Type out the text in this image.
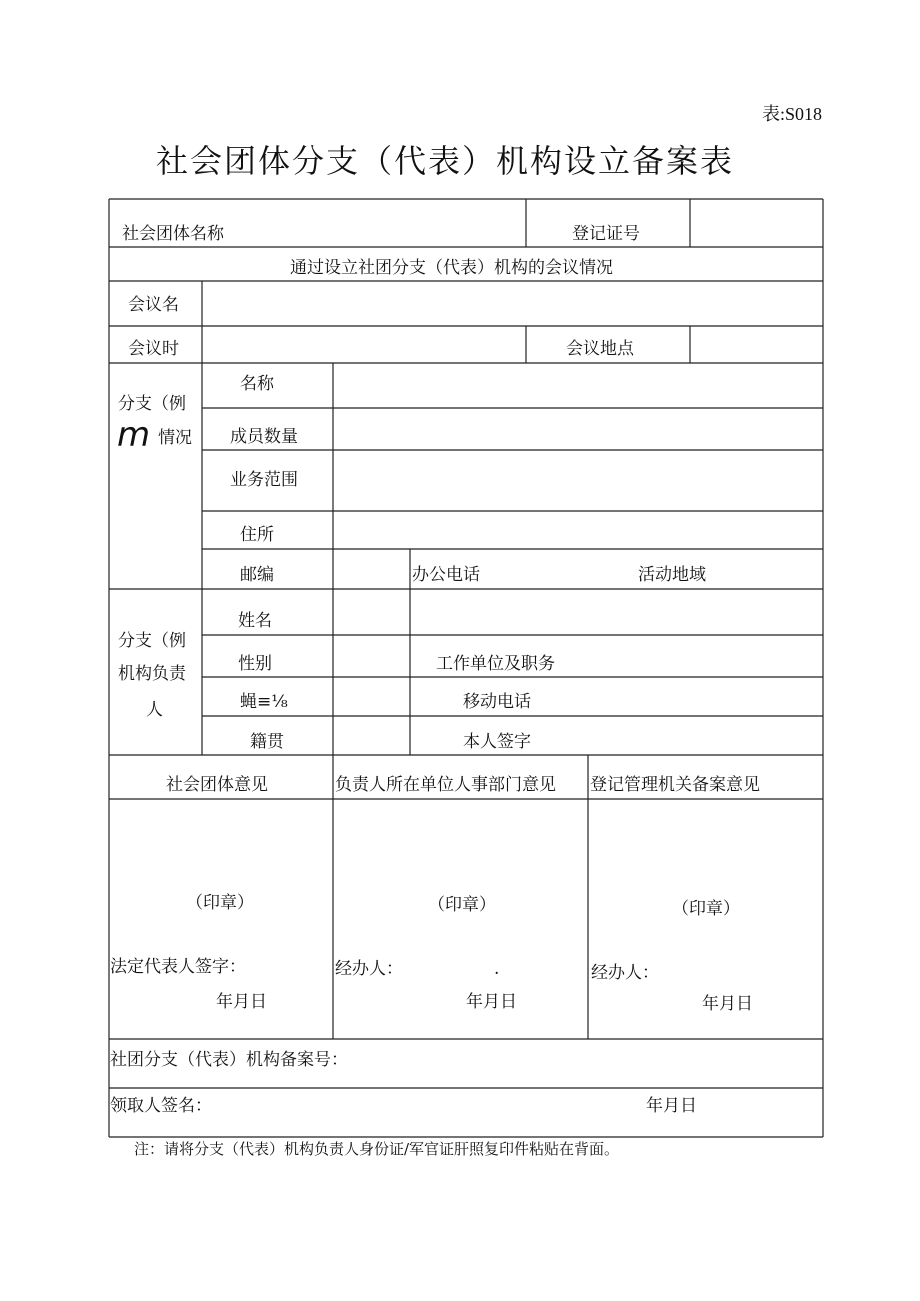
表:S018
社会团体分支（代表）机构设立备案表
社会团体名称	登记证号
通过设立社团分支（代表）机构的会议情况
会议名
会议时	会议地点
分支（例
m 情况
名称
成员数量
业务范围
住所
邮编	办公电话	活动地域
分支（例
机构负责
人
姓名
性别	工作单位及职务
蝇≡⅛	移动电话
籍贯	本人签字
社会团体意见	负责人所在单位人事部门意见 登记管理机关备案意见
（印章）	（印章）	（印章）
法定代表人签字：	经办人：	.	经办人：
年月日	年月日	年月日
社团分支（代表）机构备案号：
领取人签名：	年月日
注：请将分支（代表）机构负责人身份证/军官证肝照复印件粘贴在背面。
